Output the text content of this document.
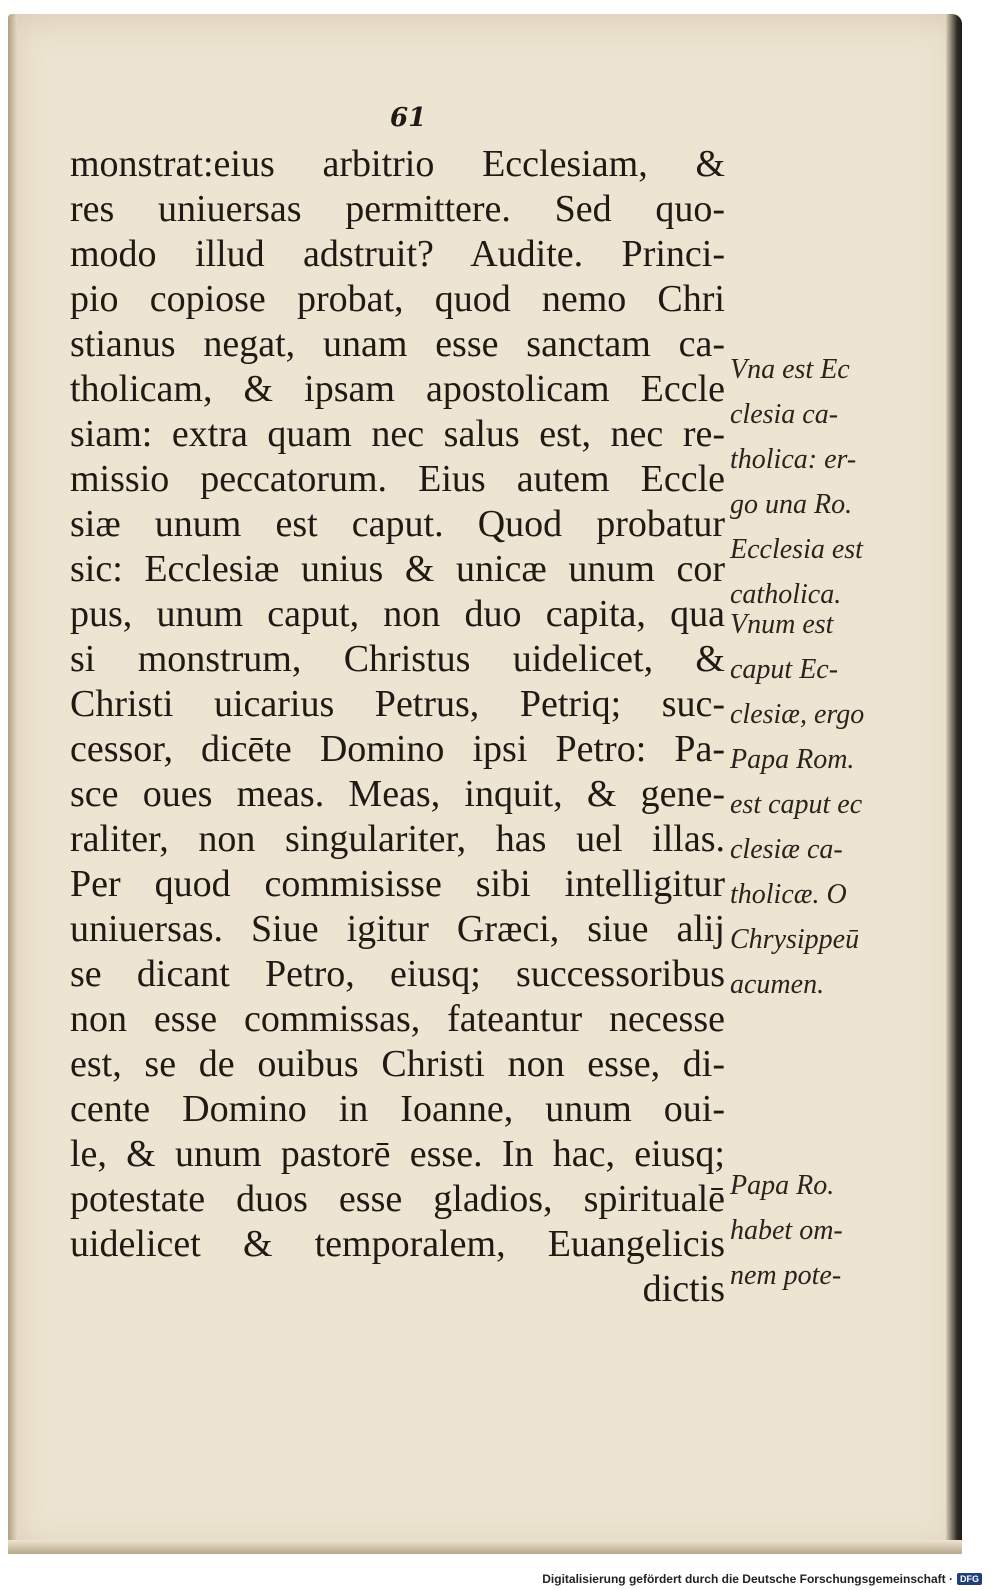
61
monstrat:eius arbitrio Ecclesiam, &
res uniuersas permittere. Sed quo-
modo illud adstruit? Audite. Princi-
pio copiose probat, quod nemo Chri
stianus negat, unam esse sanctam ca-
tholicam, & ipsam apostolicam Eccle
siam: extra quam nec salus est, nec re-
missio peccatorum. Eius autem Eccle
siæ unum est caput. Quod probatur
sic: Ecclesiæ unius & unicæ unum cor
pus, unum caput, non duo capita, qua
si monstrum, Christus uidelicet, &
Christi uicarius Petrus, Petriq; suc-
cessor, dicēte Domino ipsi Petro: Pa-
sce oues meas. Meas, inquit, & gene-
raliter, non singulariter, has uel illas.
Per quod commisisse sibi intelligitur
uniuersas. Siue igitur Græci, siue alij
se dicant Petro, eiusq; successoribus
non esse commissas, fateantur necesse
est, se de ouibus Christi non esse, di-
cente Domino in Ioanne, unum oui-
le, & unum pastorē esse. In hac, eiusq;
potestate duos esse gladios, spiritualē
uidelicet & temporalem, Euangelicis
dictis
Vna est Ec
clesia ca-
tholica: er-
go una Ro.
Ecclesia est
catholica.
Vnum est
caput Ec-
clesiæ, ergo
Papa Rom.
est caput ec
clesiæ ca-
tholicæ. O
Chrysippeū
acumen.
Papa Ro.
habet om-
nem pote-
Digitalisierung gefördert durch die Deutsche Forschungsgemeinschaft · DFG
